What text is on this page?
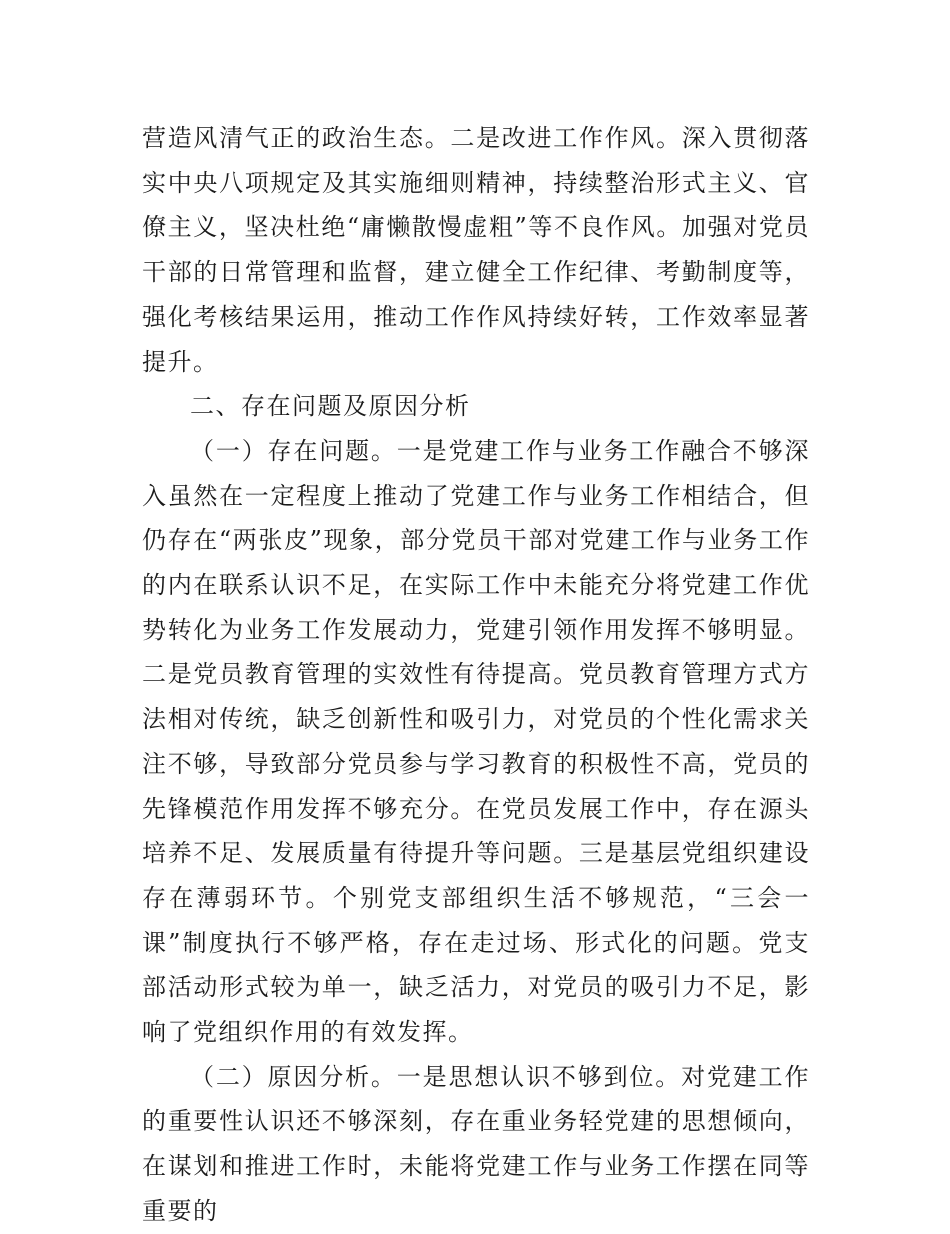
营造风清气正的政治生态。二是改进工作作风。深入贯彻落实中央八项规定及其实施细则精神，持续整治形式主义、官僚主义，坚决杜绝“庸懒散慢虚粗”等不良作风。加强对党员干部的日常管理和监督，建立健全工作纪律、考勤制度等，强化考核结果运用，推动工作作风持续好转，工作效率显著提升。

二、存在问题及原因分析

（一）存在问题。一是党建工作与业务工作融合不够深入虽然在一定程度上推动了党建工作与业务工作相结合，但仍存在“两张皮”现象，部分党员干部对党建工作与业务工作的内在联系认识不足，在实际工作中未能充分将党建工作优势转化为业务工作发展动力，党建引领作用发挥不够明显。二是党员教育管理的实效性有待提高。党员教育管理方式方法相对传统，缺乏创新性和吸引力，对党员的个性化需求关注不够，导致部分党员参与学习教育的积极性不高，党员的先锋模范作用发挥不够充分。在党员发展工作中，存在源头培养不足、发展质量有待提升等问题。三是基层党组织建设存在薄弱环节。个别党支部组织生活不够规范，“三会一课”制度执行不够严格，存在走过场、形式化的问题。党支部活动形式较为单一，缺乏活力，对党员的吸引力不足，影响了党组织作用的有效发挥。

（二）原因分析。一是思想认识不够到位。对党建工作的重要性认识还不够深刻，存在重业务轻党建的思想倾向，在谋划和推进工作时，未能将党建工作与业务工作摆在同等重要的
